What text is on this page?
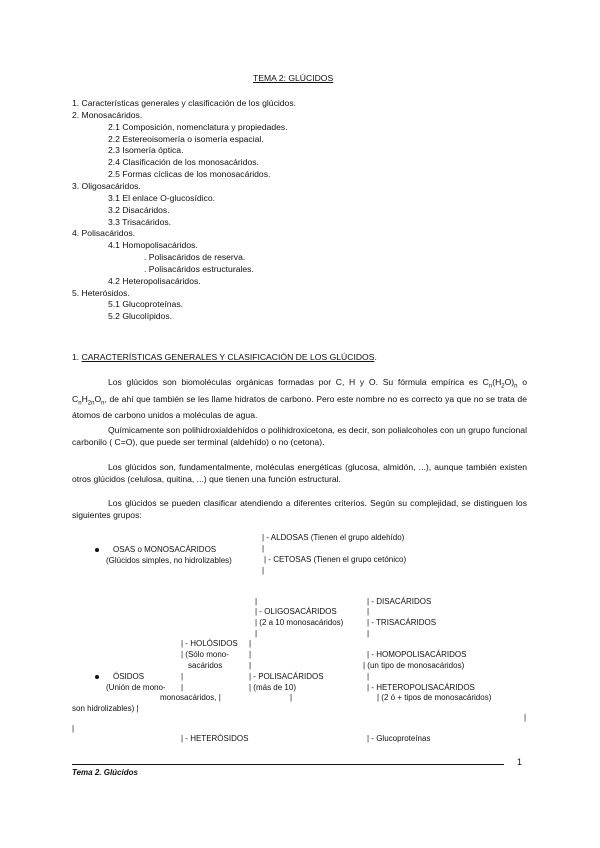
TEMA 2: GLÚCIDOS
1. Características generales y clasificación de los glúcidos.
2. Monosacáridos.
2.1 Composición, nomenclatura y propiedades.
2.2 Estereoisomería o isomería espacial.
2.3 Isomería óptica.
2.4 Clasificación de los monosacáridos.
2.5 Formas cíclicas de los monosacáridos.
3. Oligosacáridos.
3.1 El enlace O-glucosídico.
3.2 Disacáridos.
3.3 Trisacáridos.
4. Polisacáridos.
4.1 Homopolisacáridos.
. Polisacáridos de reserva.
. Polisacáridos estructurales.
4.2 Heteropolisacáridos.
5. Heterósidos.
5.1 Glucoproteínas.
5.2 Glucolípidos.
1. CARACTERÍSTICAS GENERALES Y CLASIFICACIÓN DE LOS GLÚCIDOS.
Los glúcidos son biomoléculas orgánicas formadas por C, H y O. Su fórmula empírica es $C_n(H_2O)_n$ o $C_nH_{2n}O_n$, de ahí que también se les llame hidratos de carbono. Pero este nombre no es correcto ya que no se trata de átomos de carbono unidos a moléculas de agua.
Químicamente son polihidroxialdehídos o polihidroxicetona, es decir, son polialcoholes con un grupo funcional carbonilo ( C=O), que puede ser terminal (aldehído) o no (cetona).
Los glúcidos son, fundamentalmente, moléculas energéticas (glucosa, almidón, ...), aunque también existen otros glúcidos (celulosa, quitina, ...) que tienen una función estructural.
Los glúcidos se pueden clasificar atendiendo a diferentes criterios. Según su complejidad, se distinguen los siguientes grupos:
| - ALDOSAS (Tienen el grupo aldehído)
|
OSAS o MONOSACÁRIDOS
(Glúcidos simples, no hidrolizables)	| - CETOSAS (Tienen el grupo cetónico)
|
|	| - DISACÁRIDOS
| - OLIGOSACÁRIDOS	|
| (2 a 10 monosacáridos)	| - TRISACÁRIDOS
|	|
| - HOLÓSIDOS |
| (Sólo mono-	|	| - HOMOPOLISACÁRIDOS
sacáridos	|	| (un tipo de monosacáridos)
ÓSIDOS	|	| - POLISACÁRIDOS	|
(Unión de mono- |	| (más de 10)	| - HETEROPOLISACÁRIDOS
monosacáridos, |	|	| (2 ó + tipos de monosacáridos)
son hidrolizables) |
|
|
| - HETERÓSIDOS	| - Glucoproteínas
1
Tema 2. Glúcidos
